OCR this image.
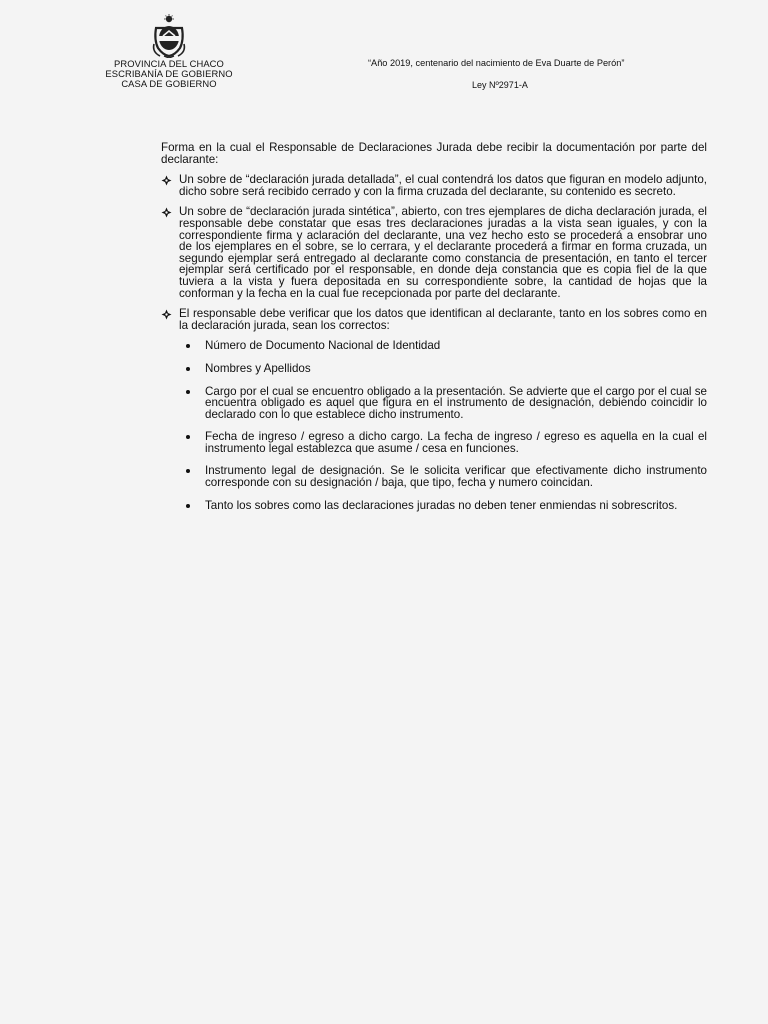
PROVINCIA DEL CHACO
ESCRIBANÍA DE GOBIERNO
CASA DE GOBIERNO
“Año 2019, centenario del nacimiento de Eva Duarte de Perón”
Ley Nº2971-A

Forma en la cual el Responsable de Declaraciones Jurada debe recibir la documentación por parte del declarante:

Un sobre de “declaración jurada detallada”, el cual contendrá los datos que figuran en modelo adjunto, dicho sobre será recibido cerrado y con la firma cruzada del declarante, su contenido es secreto.
Un sobre de “declaración jurada sintética”, abierto, con tres ejemplares de dicha declaración jurada, el responsable debe constatar que esas tres declaraciones juradas a la vista sean iguales, y con la correspondiente firma y aclaración del declarante, una vez hecho esto se procederá a ensobrar uno de los ejemplares en el sobre, se lo cerrara, y el declarante procederá a firmar en forma cruzada, un segundo ejemplar será entregado al declarante como constancia de presentación, en tanto el tercer ejemplar será certificado por el responsable, en donde deja constancia que es copia fiel de la que tuviera a la vista y fuera depositada en su correspondiente sobre, la cantidad de hojas que la conforman y la fecha en la cual fue recepcionada por parte del declarante.
El responsable debe verificar que los datos que identifican al declarante, tanto en los sobres como en la declaración jurada, sean los correctos:
Número de Documento Nacional de Identidad
Nombres y Apellidos
Cargo por el cual se encuentro obligado a la presentación. Se advierte que el cargo por el cual se encuentra obligado es aquel que figura en el instrumento de designación, debiendo coincidir lo declarado con lo que establece dicho instrumento.
Fecha de ingreso / egreso a dicho cargo. La fecha de ingreso / egreso es aquella en la cual el instrumento legal establezca que asume / cesa en funciones.
Instrumento legal de designación. Se le solicita verificar que efectivamente dicho instrumento corresponde con su designación / baja, que tipo, fecha y numero coincidan.
Tanto los sobres como las declaraciones juradas no deben tener enmiendas ni sobrescritos.
